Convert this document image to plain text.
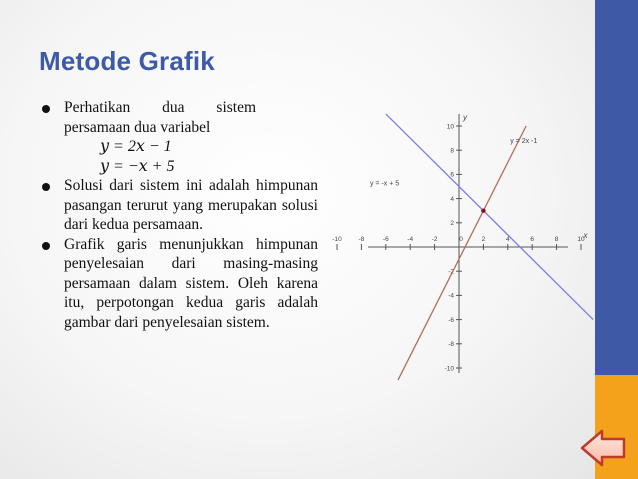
Metode Grafik
Perhatikan dua sistem
persamaan dua variabel
𝑦 = 2𝑥 − 1
𝑦 = −𝑥 + 5
Solusi dari sistem ini adalah himpunan pasangan terurut yang merupakan solusi dari kedua persamaan.
Grafik garis menunjukkan himpunan penyelesaian dari masing-masing persamaan dalam sistem. Oleh karena itu, perpotongan kedua garis adalah gambar dari penyelesaian sistem.
x
y
-10	-8	-6	-4	-2	0	2	4	6	8	10
-10
-8
-6
-4
-2
2
4
6
8
10
y = 2x -1
y = -x + 5
